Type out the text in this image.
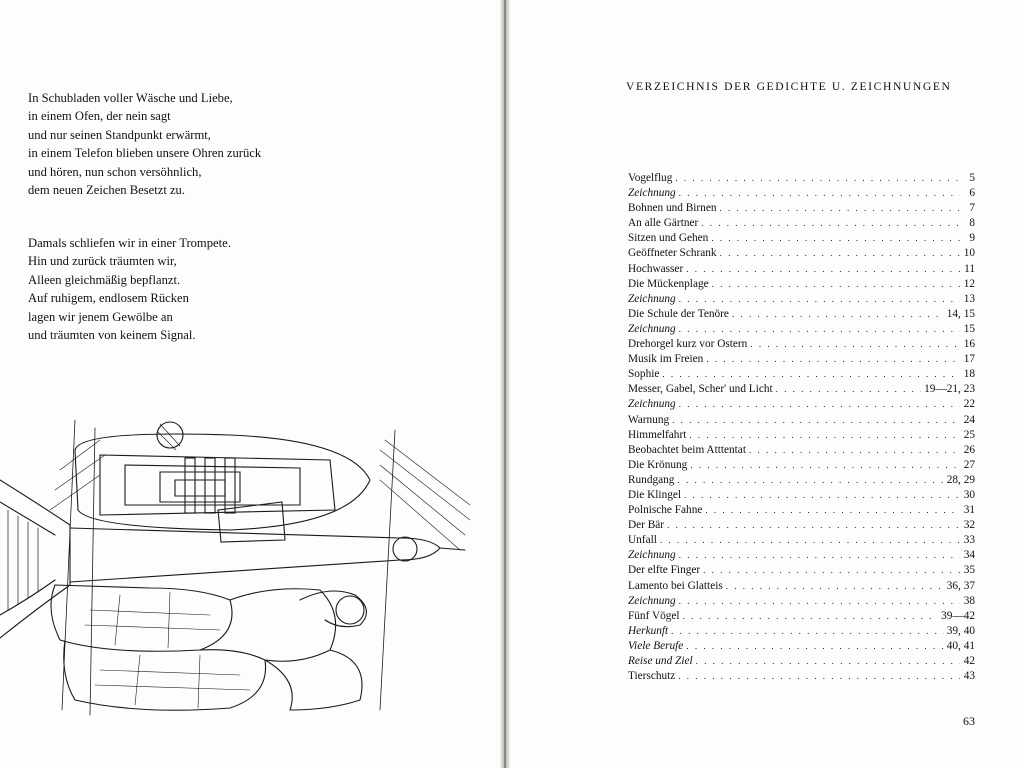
In Schubladen voller Wäsche und Liebe,
in einem Ofen, der nein sagt
und nur seinen Standpunkt erwärmt,
in einem Telefon blieben unsere Ohren zurück
und hören, nun schon versöhnlich,
dem neuen Zeichen Besetzt zu.
Damals schliefen wir in einer Trompete.
Hin und zurück träumten wir,
Alleen gleichmäßig bepflanzt.
Auf ruhigem, endlosem Rücken
lagen wir jenem Gewölbe an
und träumten von keinem Signal.
VERZEICHNIS DER GEDICHTE U. ZEICHNUNGEN
Vogelflug . . .	5
Zeichnung . . .	6
Bohnen und Birnen . . .	7
An alle Gärtner . . .	8
Sitzen und Gehen . . .	9
Geöffneter Schrank . . .	10
Hochwasser . . .	11
Die Mückenplage . . .	12
Zeichnung . . .	13
Die Schule der Tenöre . . .	14, 15
Zeichnung . . .	15
Drehorgel kurz vor Ostern . . .	16
Musik im Freien . . .	17
Sophie . . .	18
Messer, Gabel, Scher' und Licht . . .	19—21, 23
Zeichnung . . .	22
Warnung . . .	24
Himmelfahrt . . .	25
Beobachtet beim Atttentat . . .	26
Die Krönung . . .	27
Rundgang . . .	28, 29
Die Klingel . . .	30
Polnische Fahne . . .	31
Der Bär . . .	32
Unfall . . .	33
Zeichnung . . .	34
Der elfte Finger . . .	35
Lamento bei Glatteis . . .	36, 37
Zeichnung . . .	38
Fünf Vögel . . .	39—42
Herkunft . . .	39, 40
Viele Berufe . . .	40, 41
Reise und Ziel . . .	42
Tierschutz . . .	43
63
